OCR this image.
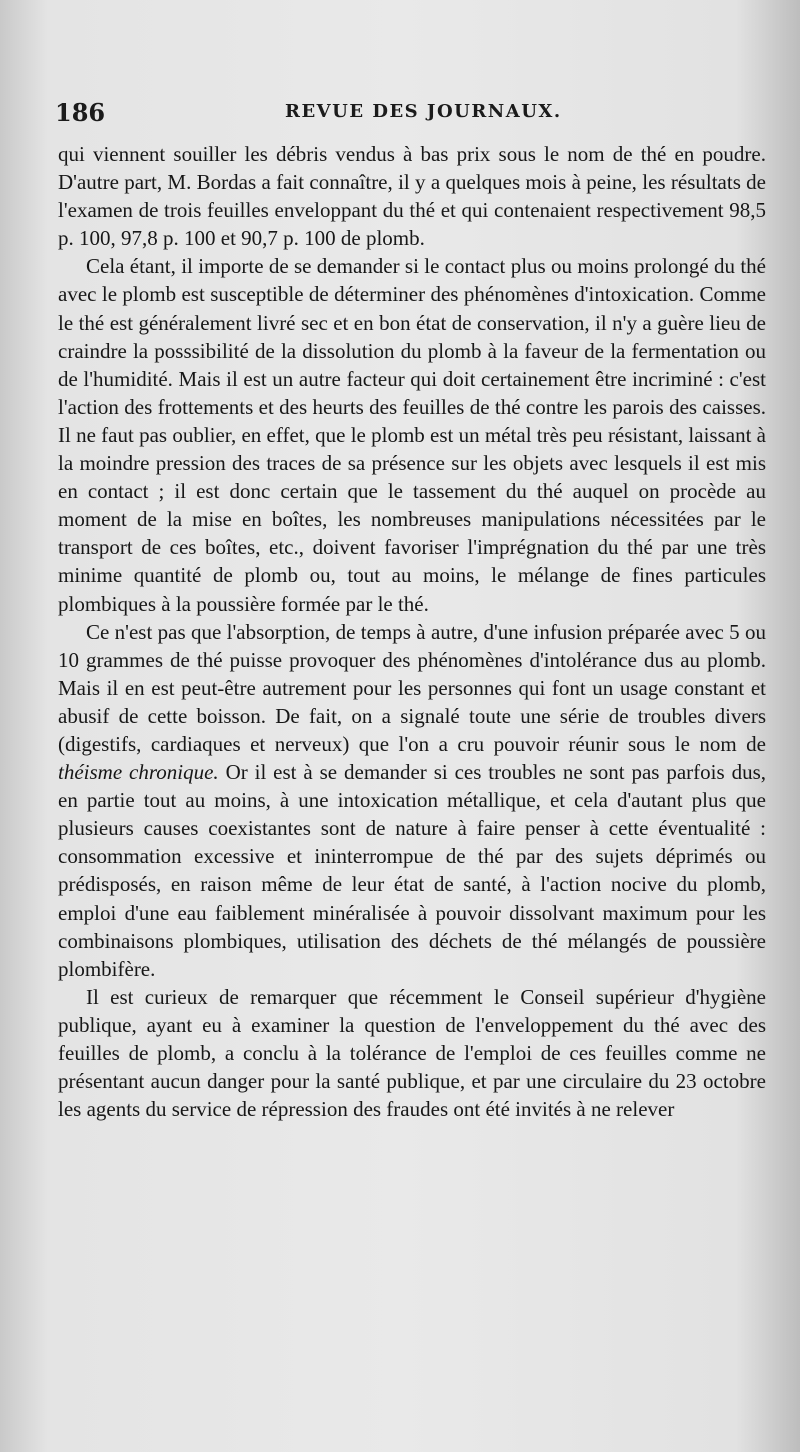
186	REVUE DES JOURNAUX.

qui viennent souiller les débris vendus à bas prix sous le nom de thé en poudre. D'autre part, M. Bordas a fait connaître, il y a quelques mois à peine, les résultats de l'examen de trois feuilles enveloppant du thé et qui contenaient respectivement 98,5 p. 100, 97,8 p. 100 et 90,7 p. 100 de plomb.

Cela étant, il importe de se demander si le contact plus ou moins prolongé du thé avec le plomb est susceptible de déterminer des phénomènes d'intoxication. Comme le thé est généralement livré sec et en bon état de conservation, il n'y a guère lieu de craindre la posssibilité de la dissolution du plomb à la faveur de la fermentation ou de l'humidité. Mais il est un autre facteur qui doit certainement être incriminé : c'est l'action des frottements et des heurts des feuilles de thé contre les parois des caisses. Il ne faut pas oublier, en effet, que le plomb est un métal très peu résistant, laissant à la moindre pression des traces de sa présence sur les objets avec lesquels il est mis en contact ; il est donc certain que le tassement du thé auquel on procède au moment de la mise en boîtes, les nombreuses manipulations nécessitées par le transport de ces boîtes, etc., doivent favoriser l'imprégnation du thé par une très minime quantité de plomb ou, tout au moins, le mélange de fines particules plombiques à la poussière formée par le thé.

Ce n'est pas que l'absorption, de temps à autre, d'une infusion préparée avec 5 ou 10 grammes de thé puisse provoquer des phénomènes d'intolérance dus au plomb. Mais il en est peut-être autrement pour les personnes qui font un usage constant et abusif de cette boisson. De fait, on a signalé toute une série de troubles divers (digestifs, cardiaques et nerveux) que l'on a cru pouvoir réunir sous le nom de théisme chronique. Or il est à se demander si ces troubles ne sont pas parfois dus, en partie tout au moins, à une intoxication métallique, et cela d'autant plus que plusieurs causes coexistantes sont de nature à faire penser à cette éventualité : consommation excessive et ininterrompue de thé par des sujets déprimés ou prédisposés, en raison même de leur état de santé, à l'action nocive du plomb, emploi d'une eau faiblement minéralisée à pouvoir dissolvant maximum pour les combinaisons plombiques, utilisation des déchets de thé mélangés de poussière plombifère.

Il est curieux de remarquer que récemment le Conseil supérieur d'hygiène publique, ayant eu à examiner la question de l'enveloppement du thé avec des feuilles de plomb, a conclu à la tolérance de l'emploi de ces feuilles comme ne présentant aucun danger pour la santé publique, et par une circulaire du 23 octobre les agents du service de répression des fraudes ont été invités à ne relever
